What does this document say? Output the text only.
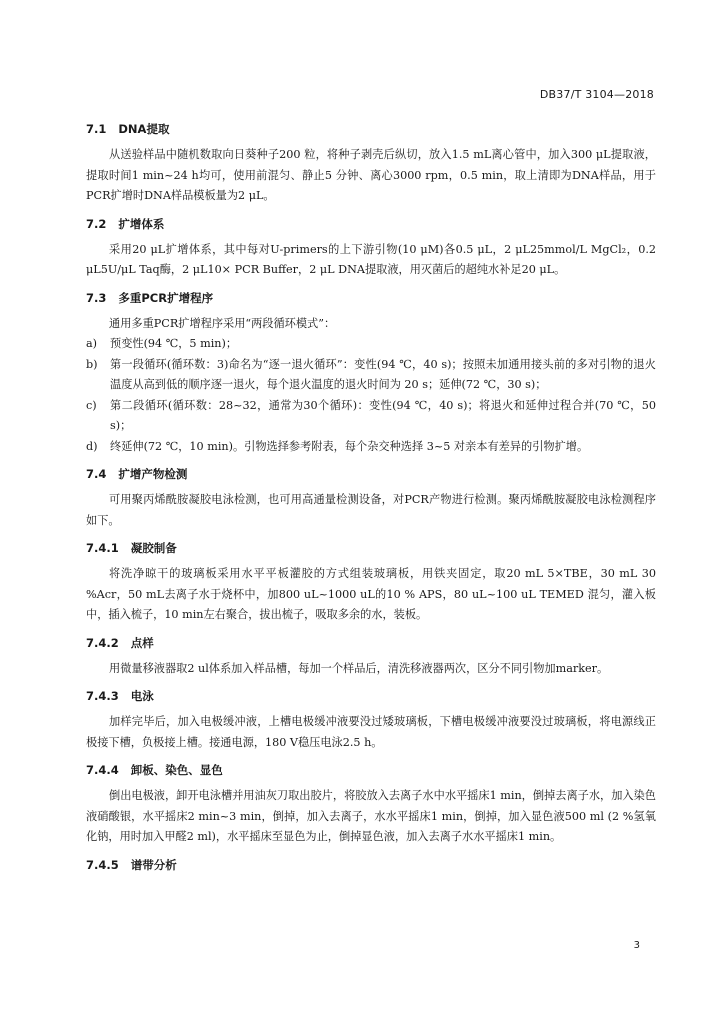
DB37/T 3104—2018
7.1 DNA提取

从送验样品中随机数取向日葵种子200 粒，将种子剥壳后纵切，放入1.5 mL离心管中，加入300 μL提取液，提取时间1 min~24 h均可，使用前混匀、静止5 分钟、离心3000 rpm，0.5 min，取上清即为DNA样品，用于PCR扩增时DNA样品模板量为2 μL。

7.2 扩增体系

采用20 μL扩增体系，其中每对U-primers的上下游引物(10 μM)各0.5 μL，2 μL25mmol/L MgCl₂，0.2 μL5U/μL Taq酶，2 μL10× PCR Buffer，2 μL DNA提取液，用灭菌后的超纯水补足20 μL。

7.3 多重PCR扩增程序
通用多重PCR扩增程序采用“两段循环模式”：
a) 预变性(94 ℃，5 min)；
b) 第一段循环(循环数：3)命名为“逐一退火循环”：变性(94 ℃，40 s)；按照未加通用接头前的多对引物的退火温度从高到低的顺序逐一退火，每个退火温度的退火时间为 20 s；延伸(72 ℃，30 s)；
c) 第二段循环(循环数：28~32，通常为30个循环)：变性(94 ℃，40 s)；将退火和延伸过程合并(70 ℃，50 s)；
d) 终延伸(72 ℃，10 min)。引物选择参考附表，每个杂交种选择 3~5 对亲本有差异的引物扩增。
7.4 扩增产物检测

可用聚丙烯酰胺凝胶电泳检测，也可用高通量检测设备，对PCR产物进行检测。聚丙烯酰胺凝胶电泳检测程序如下。

7.4.1 凝胶制备

将洗净晾干的玻璃板采用水平平板灌胶的方式组装玻璃板，用铁夹固定，取20 mL 5×TBE，30 mL 30 %Acr，50 mL去离子水于烧杯中，加800 uL~1000 uL的10 % APS，80 uL~100 uL TEMED 混匀，灌入板中，插入梳子，10 min左右聚合，拔出梳子，吸取多余的水，装板。

7.4.2 点样

用微量移液器取2 ul体系加入样品槽，每加一个样品后，清洗移液器两次，区分不同引物加marker。

7.4.3 电泳

加样完毕后，加入电极缓冲液，上槽电极缓冲液要没过矮玻璃板，下槽电极缓冲液要没过玻璃板，将电源线正极接下槽，负极接上槽。接通电源，180 V稳压电泳2.5 h。

7.4.4 卸板、染色、显色

倒出电极液，卸开电泳槽并用油灰刀取出胶片，将胶放入去离子水中水平摇床1 min，倒掉去离子水，加入染色液硝酸银，水平摇床2 min~3 min，倒掉，加入去离子，水水平摇床1 min，倒掉，加入显色液500 ml (2 %氢氧化钠，用时加入甲醛2 ml)，水平摇床至显色为止，倒掉显色液，加入去离子水水平摇床1 min。

7.4.5 谱带分析
3
